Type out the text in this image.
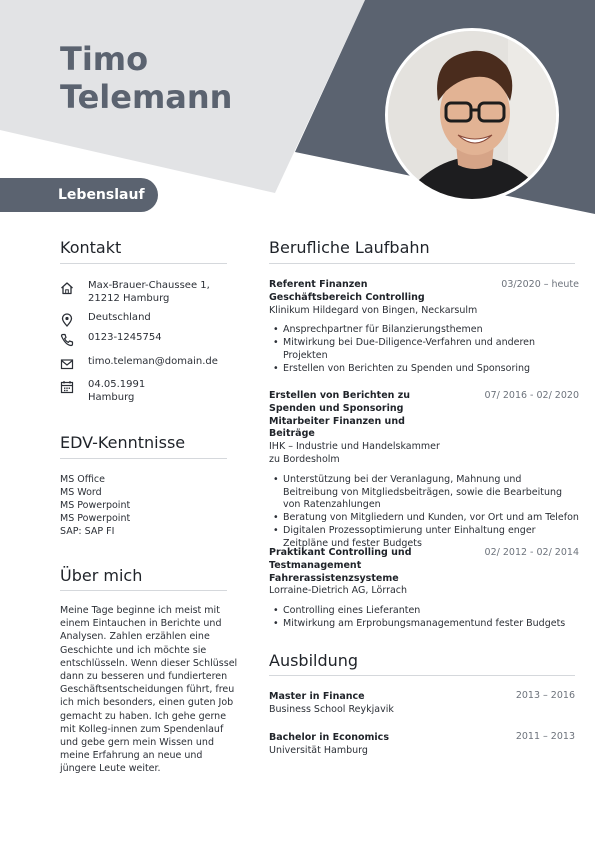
Timo
Telemann
Lebenslauf
Kontakt
Max-Brauer-Chaussee 1,
21212 Hamburg
Deutschland
0123-1245754
timo.teleman@domain.de
04.05.1991
Hamburg
EDV-Kenntnisse
MS Office
MS Word
MS Powerpoint
MS Powerpoint
SAP: SAP FI
Über mich
Meine Tage beginne ich meist mit einem Eintauchen in Berichte und Analysen. Zahlen erzählen eine Geschichte und ich möchte sie entschlüsseln. Wenn dieser Schlüssel dann zu besseren und fundierteren Geschäftsentscheidungen führt, freu ich mich besonders, einen guten Job gemacht zu haben. Ich gehe gerne mit Kolleg-innen zum Spendenlauf und gebe gern mein Wissen und meine Erfahrung an neue und jüngere Leute weiter.
Berufliche Laufbahn
03/2020 – heute
Referent Finanzen Geschäftsbereich Controlling
Klinikum Hildegard von Bingen, Neckarsulm
• Ansprechpartner für Bilanzierungsthemen
• Mitwirkung bei Due-Diligence-Verfahren und anderen Projekten
• Erstellen von Berichten zu Spenden und Sponsoring
07/ 2016 - 02/ 2020
Erstellen von Berichten zu Spenden und Sponsoring Mitarbeiter Finanzen und Beiträge
IHK – Industrie und Handelskammer zu Bordesholm
• Unterstützung bei der Veranlagung, Mahnung und Beitreibung von Mitgliedsbeiträgen, sowie die Bearbeitung von Ratenzahlungen
• Beratung von Mitgliedern und Kunden, vor Ort und am Telefon
• Digitalen Prozessoptimierung unter Einhaltung enger Zeitpläne und fester Budgets
02/ 2012 - 02/ 2014
Praktikant Controlling und Testmanagement Fahrerassistenzsysteme
Lorraine-Dietrich AG, Lörrach
• Controlling eines Lieferanten
• Mitwirkung am Erprobungsmanagementund fester Budgets
Ausbildung
2013 – 2016
Master in Finance
Business School Reykjavik
2011 – 2013
Bachelor in Economics
Universität Hamburg
